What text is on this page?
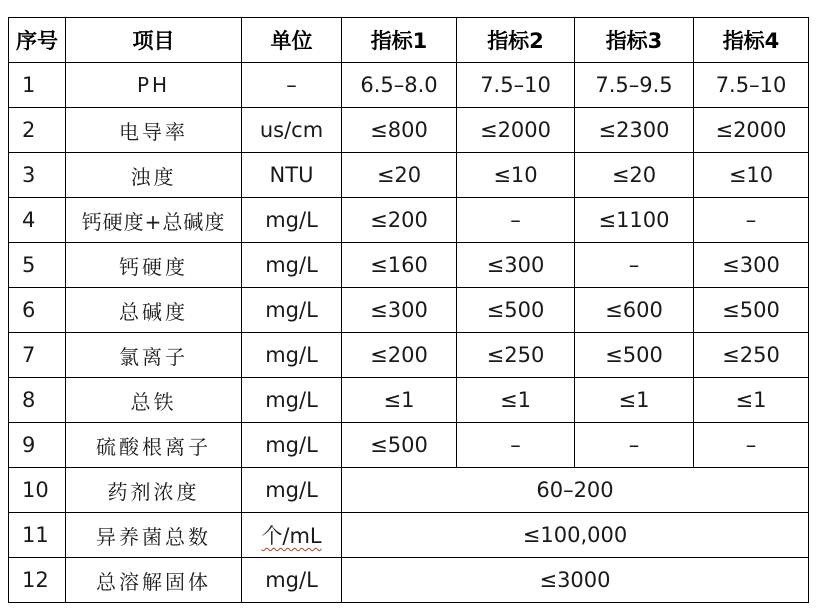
序号	项目	单位	指标1	指标2	指标3	指标4
1	PH	–	6.5–8.0	7.5–10	7.5–9.5	7.5–10
2	电导率	us/cm	≤800	≤2000	≤2300	≤2000
3	浊度	NTU	≤20	≤10	≤20	≤10
4	钙硬度+总碱度	mg/L	≤200	–	≤1100	–
5	钙硬度	mg/L	≤160	≤300	–	≤300
6	总碱度	mg/L	≤300	≤500	≤600	≤500
7	氯离子	mg/L	≤200	≤250	≤500	≤250
8	总铁	mg/L	≤1	≤1	≤1	≤1
9	硫酸根离子	mg/L	≤500	–	–	–
10	药剂浓度	mg/L	60–200			
11	异养菌总数	个/mL	≤100,000			
12	总溶解固体	mg/L	≤3000			
